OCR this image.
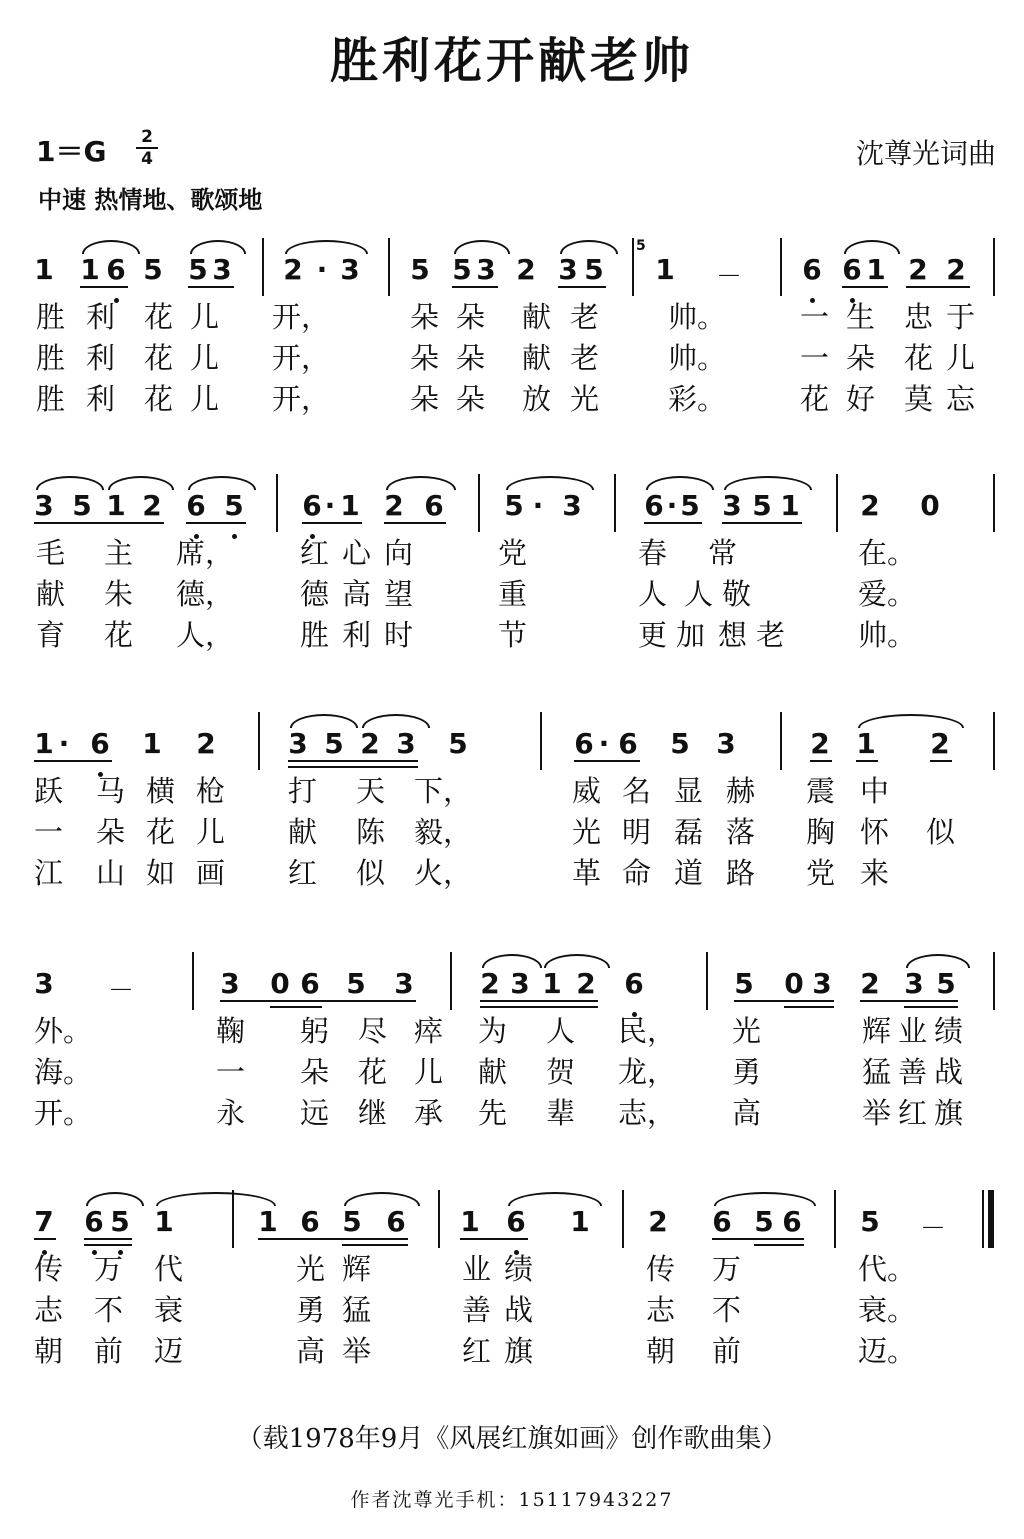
胜利花开献老帅
1＝G 2
4	沈尊光词曲
中速 热情地、歌颂地
1 1 6 5 5 3 2 · 3 5 5 3 2 3 5 1 － 6 6 1 2 2
5
胜 利 花 儿 开，	朵 朵 献 老 帅。	一 生 忠 于
胜 利 花 儿 开，	朵 朵 献 老 帅。	一 朵 花 儿
胜 利 花 儿 开，	朵 朵 放 光 彩。	花 好 莫 忘
3 5 1 2 6 5 6 · 1 2 6 5 · 3 6 · 5 3 5 1 2 0
毛 主 席， 红 心 向	党	春 常	在。
献 朱 德， 德 高 望	重	人 人 敬	爱。
育 花 人， 胜 利 时	节	更 加 想 老	帅。
1 · 6 1 2	3 5 2 3 5	6 · 6 5 3	2 1 2
跃 马 横 枪 打 天 下，	威 名 显 赫 震 中
一 朵 花 儿 献 陈 毅，	光 明 磊 落 胸 怀 似
江 山 如 画 红 似 火，	革 命 道 路 党 来
3 －	3 0 6 5 3 2 3 1 2 6	5 0 3 2 3 5
外。	鞠 躬 尽 瘁 为 人 民， 光	辉 业 绩
海。	一 朵 花 儿 献 贺 龙， 勇	猛 善 战
开。	永 远 继 承 先 辈 志， 高	举 红 旗
7 6 5 1	1 6 5 6 1 6 1 2 6 5 6 5 －
传 万 代	光 辉	业 绩	传 万	代。
志 不 衰	勇 猛	善 战	志 不	衰。
朝 前 迈	高 举	红 旗	朝 前	迈。
（载1978年9月《风展红旗如画》创作歌曲集）
作者沈尊光手机：15117943227
